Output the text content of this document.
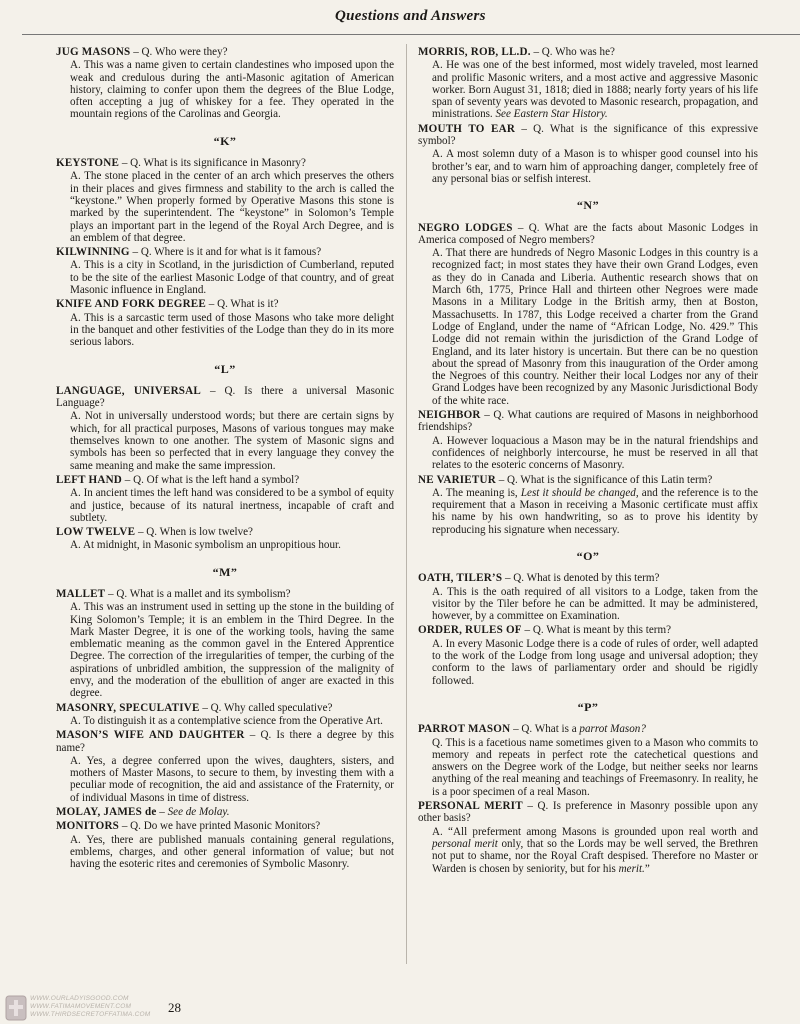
Questions and Answers

JUG MASONS – Q. Who were they?

A. This was a name given to certain clandestines who imposed upon the weak and credulous during the anti-Masonic agitation of American history, claiming to confer upon them the degrees of the Blue Lodge, often accepting a jug of whiskey for a fee. They operated in the mountain regions of the Carolinas and Georgia.

“K”

KEYSTONE – Q. What is its significance in Masonry?

A. The stone placed in the center of an arch which preserves the others in their places and gives firmness and stability to the arch is called the “keystone.” When properly formed by Operative Masons this stone is marked by the superintendent. The “keystone” in Solomon’s Temple plays an important part in the legend of the Royal Arch Degree, and is an emblem of that degree.

KILWINNING – Q. Where is it and for what is it famous?

A. This is a city in Scotland, in the jurisdiction of Cumberland, reputed to be the site of the earliest Masonic Lodge of that country, and of great Masonic influence in England.

KNIFE AND FORK DEGREE – Q. What is it?

A. This is a sarcastic term used of those Masons who take more delight in the banquet and other festivities of the Lodge than they do in its more serious labors.

“L”

LANGUAGE, UNIVERSAL – Q. Is there a universal Masonic Language?

A. Not in universally understood words; but there are certain signs by which, for all practical purposes, Masons of various tongues may make themselves known to one another. The system of Masonic signs and symbols has been so perfected that in every language they convey the same meaning and make the same impression.

LEFT HAND – Q. Of what is the left hand a symbol?

A. In ancient times the left hand was considered to be a symbol of equity and justice, because of its natural inertness, incapable of craft and subtlety.

LOW TWELVE – Q. When is low twelve?

A. At midnight, in Masonic symbolism an unpropitious hour.

“M”

MALLET – Q. What is a mallet and its symbolism?

A. This was an instrument used in setting up the stone in the building of King Solomon’s Temple; it is an emblem in the Third Degree. In the Mark Master Degree, it is one of the working tools, having the same emblematic meaning as the common gavel in the Entered Apprentice Degree. The correction of the irregularities of temper, the curbing of the aspirations of unbridled ambition, the suppression of the malignity of envy, and the moderation of the ebullition of anger are exacted in this degree.

MASONRY, SPECULATIVE – Q. Why called speculative?

A. To distinguish it as a contemplative science from the Operative Art.

MASON’S WIFE AND DAUGHTER – Q. Is there a degree by this name?

A. Yes, a degree conferred upon the wives, daughters, sisters, and mothers of Master Masons, to secure to them, by investing them with a peculiar mode of recognition, the aid and assistance of the Fraternity, or of individual Masons in time of distress.

MOLAY, JAMES de – See de Molay.

MONITORS – Q. Do we have printed Masonic Monitors?

A. Yes, there are published manuals containing general regulations, emblems, charges, and other general information of value; but not having the esoteric rites and ceremonies of Symbolic Masonry.

MORRIS, ROB, LL.D. – Q. Who was he?

A. He was one of the best informed, most widely traveled, most learned and prolific Masonic writers, and a most active and aggressive Masonic worker. Born August 31, 1818; died in 1888; nearly forty years of his life span of seventy years was devoted to Masonic research, propagation, and ministrations. See Eastern Star History.

MOUTH TO EAR – Q. What is the significance of this expressive symbol?

A. A most solemn duty of a Mason is to whisper good counsel into his brother’s ear, and to warn him of approaching danger, completely free of any personal bias or selfish interest.

“N”

NEGRO LODGES – Q. What are the facts about Masonic Lodges in America composed of Negro members?

A. That there are hundreds of Negro Masonic Lodges in this country is a recognized fact; in most states they have their own Grand Lodges, even as they do in Canada and Liberia. Authentic research shows that on March 6th, 1775, Prince Hall and thirteen other Negroes were made Masons in a Military Lodge in the British army, then at Boston, Massachusetts. In 1787, this Lodge received a charter from the Grand Lodge of England, under the name of “African Lodge, No. 429.” This Lodge did not remain within the jurisdiction of the Grand Lodge of England, and its later history is uncertain. But there can be no question about the spread of Masonry from this inauguration of the Order among the Negroes of this country. Neither their local Lodges nor any of their Grand Lodges have been recognized by any Masonic Jurisdictional Body of the white race.

NEIGHBOR – Q. What cautions are required of Masons in neighborhood friendships?

A. However loquacious a Mason may be in the natural friendships and confidences of neighborly intercourse, he must be reserved in all that relates to the esoteric concerns of Masonry.

NE VARIETUR – Q. What is the significance of this Latin term?

A. The meaning is, Lest it should be changed, and the reference is to the requirement that a Mason in receiving a Masonic certificate must affix his name by his own handwriting, so as to prove his identity by reproducing his signature when necessary.

“O”

OATH, TILER’S – Q. What is denoted by this term?

A. This is the oath required of all visitors to a Lodge, taken from the visitor by the Tiler before he can be admitted. It may be administered, however, by a committee on Examination.

ORDER, RULES OF – Q. What is meant by this term?

A. In every Masonic Lodge there is a code of rules of order, well adapted to the work of the Lodge from long usage and universal adoption; they conform to the laws of parliamentary order and should be rigidly followed.

“P”

PARROT MASON – Q. What is a parrot Mason?

Q. This is a facetious name sometimes given to a Mason who commits to memory and repeats in perfect rote the catechetical questions and answers on the Degree work of the Lodge, but neither seeks nor learns anything of the real meaning and teachings of Freemasonry. In reality, he is a poor specimen of a real Mason.

PERSONAL MERIT – Q. Is preference in Masonry possible upon any other basis?

A. “All preferment among Masons is grounded upon real worth and personal merit only, that so the Lords may be well served, the Brethren not put to shame, nor the Royal Craft despised. Therefore no Master or Warden is chosen by seniority, but for his merit.”

28
WWW.OURLADYISGOOD.COM
WWW.FATIMAMOVEMENT.COM
WWW.THIRDSECRETOFFATIMA.COM
